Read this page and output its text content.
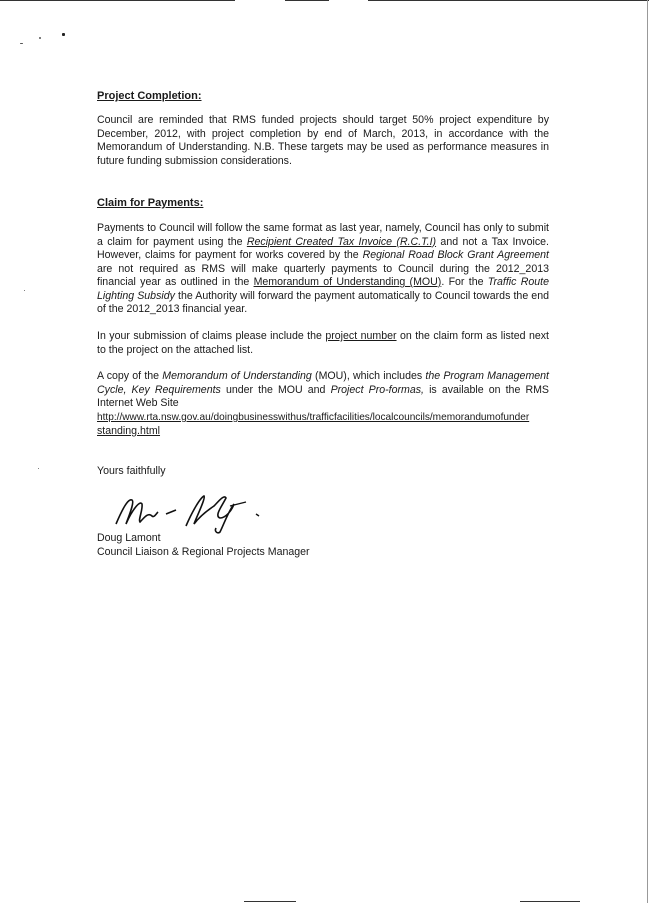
Project Completion:

Council are reminded that RMS funded projects should target 50% project expenditure by December, 2012, with project completion by end of March, 2013, in accordance with the Memorandum of Understanding. N.B. These targets may be used as performance measures in future funding submission considerations.

Claim for Payments:

Payments to Council will follow the same format as last year, namely, Council has only to submit a claim for payment using the Recipient Created Tax Invoice (R.C.T.I) and not a Tax Invoice. However, claims for payment for works covered by the Regional Road Block Grant Agreement are not required as RMS will make quarterly payments to Council during the 2012_2013 financial year as outlined in the Memorandum of Understanding (MOU). For the Traffic Route Lighting Subsidy the Authority will forward the payment automatically to Council towards the end of the 2012_2013 financial year.

In your submission of claims please include the project number on the claim form as listed next to the project on the attached list.

A copy of the Memorandum of Understanding (MOU), which includes the Program Management Cycle, Key Requirements under the MOU and Project Pro-formas, is available on the RMS Internet Web Site

http://www.rta.nsw.gov.au/doingbusinesswithus/trafficfacilities/localcouncils/memorandumofunder
standing.html
Yours faithfully
Doug Lamont
Council Liaison & Regional Projects Manager
